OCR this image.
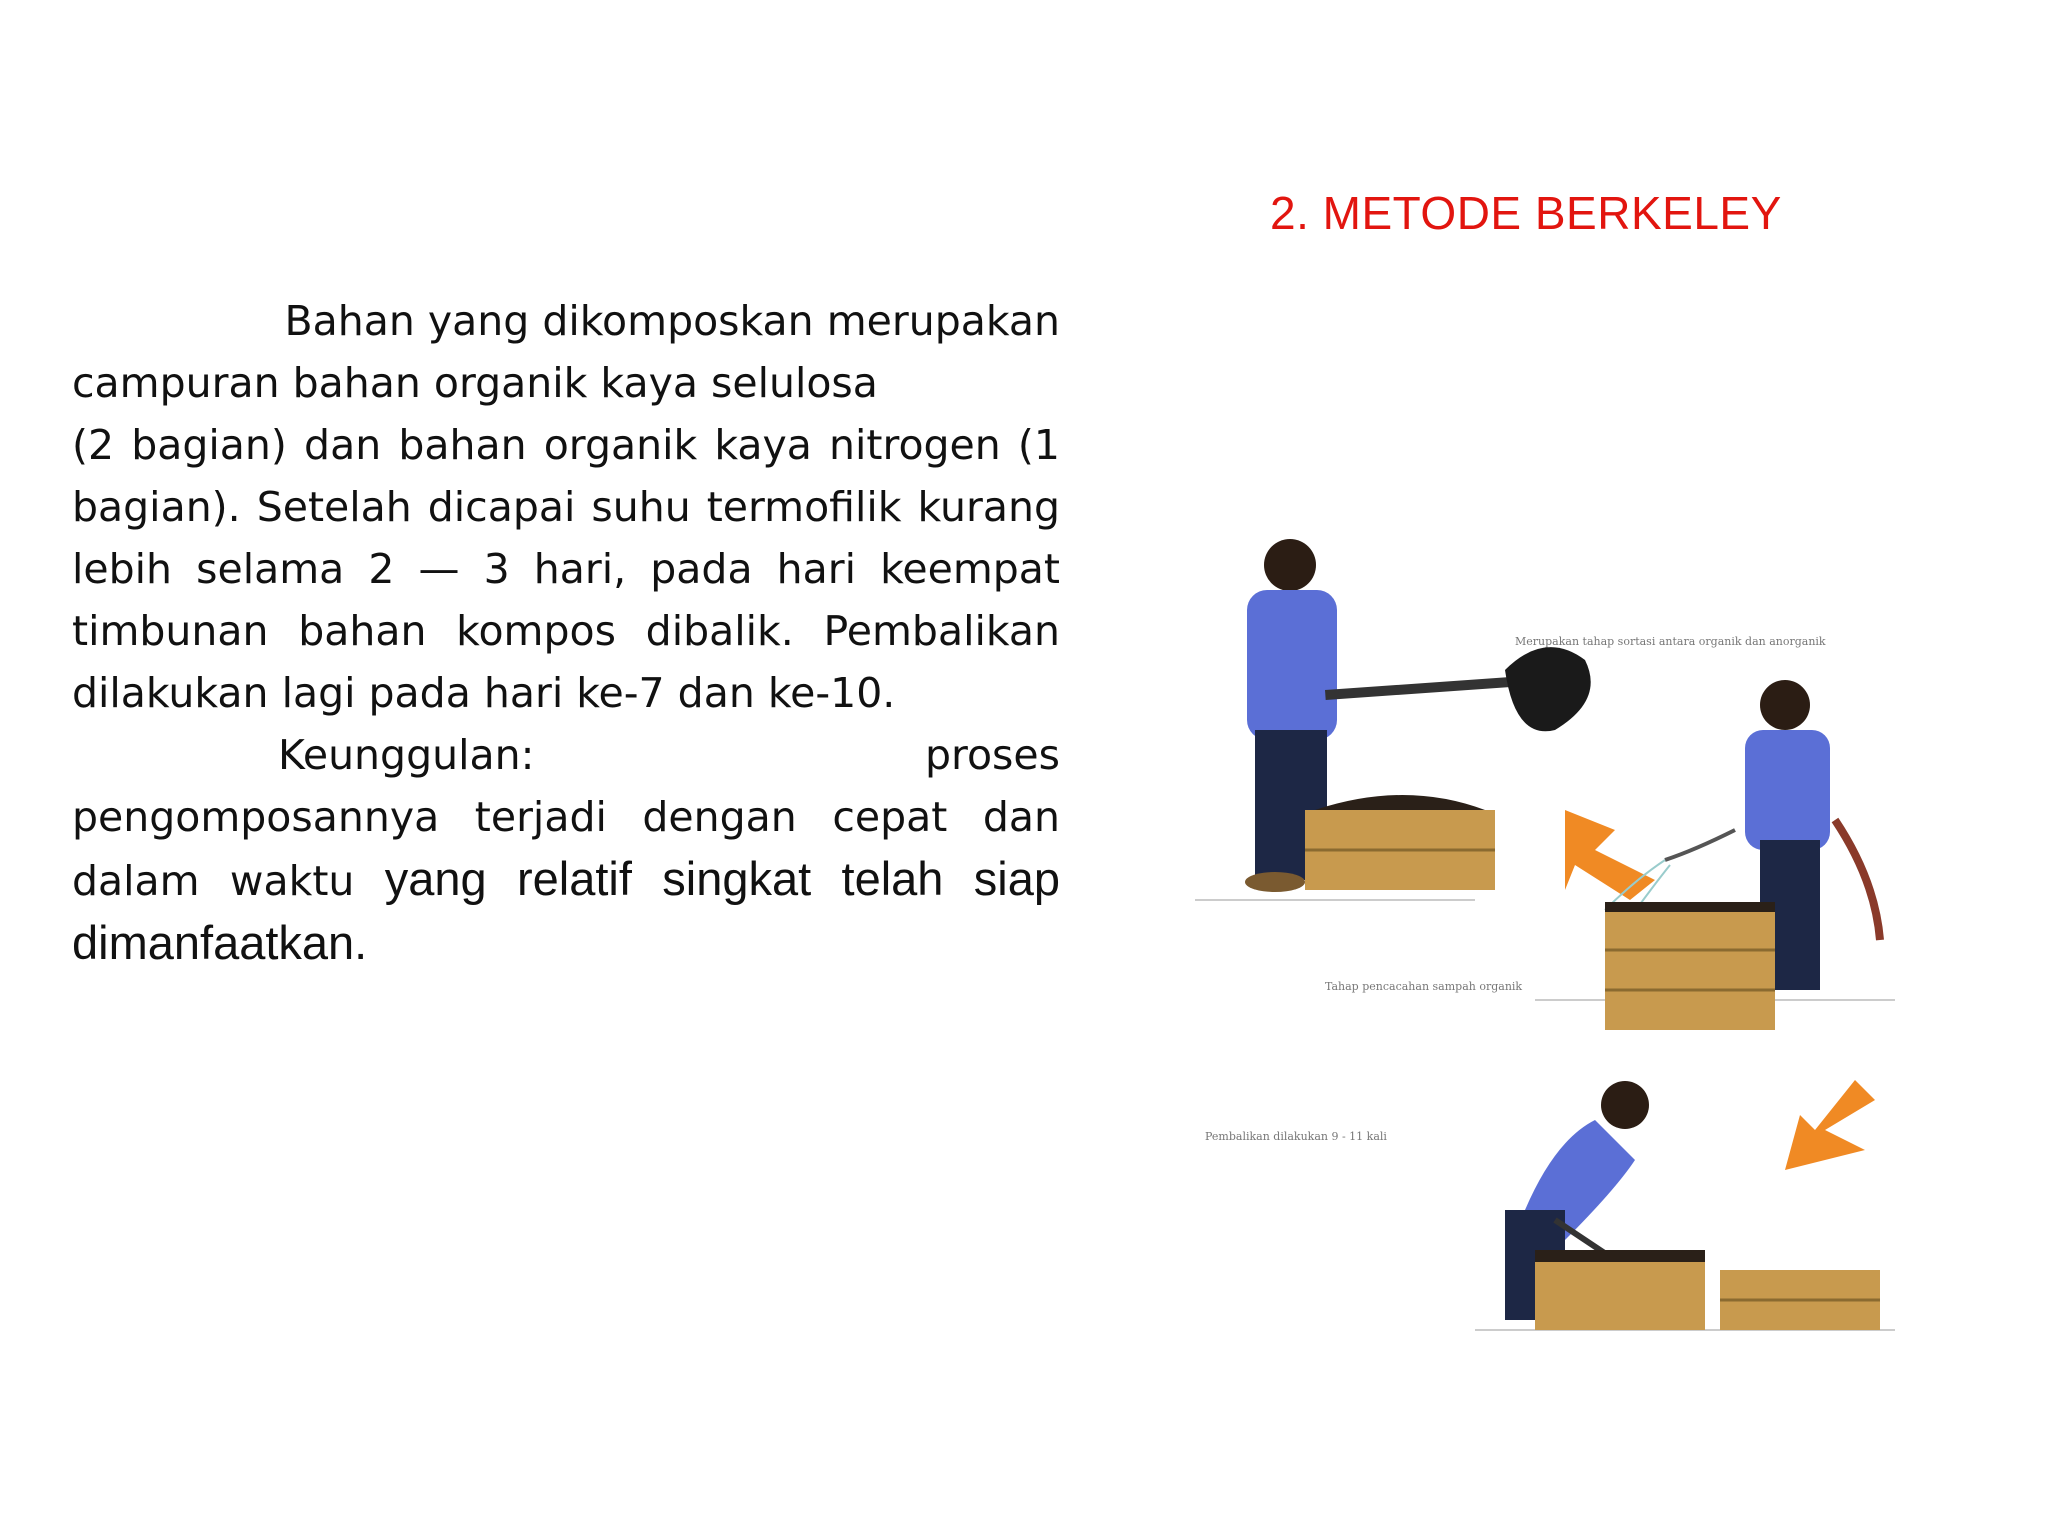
2. METODE BERKELEY

Bahan yang dikomposkan merupakan
campuran bahan organik kaya selulosa
(2 bagian) dan bahan organik kaya nitrogen (1 bagian). Setelah dicapai suhu termofilik kurang lebih selama 2 — 3 hari, pada hari keempat timbunan bahan kompos dibalik. Pembalikan dilakukan lagi pada hari ke-7 dan ke-10.

Keunggulan:	proses
pengomposannya terjadi dengan cepat dan dalam waktu yang relatif singkat telah siap dimanfaatkan.

Merupakan tahap sortasi antara organik dan anorganik
Tahap pencacahan sampah organik
Pembalikan dilakukan 9 - 11 kali
